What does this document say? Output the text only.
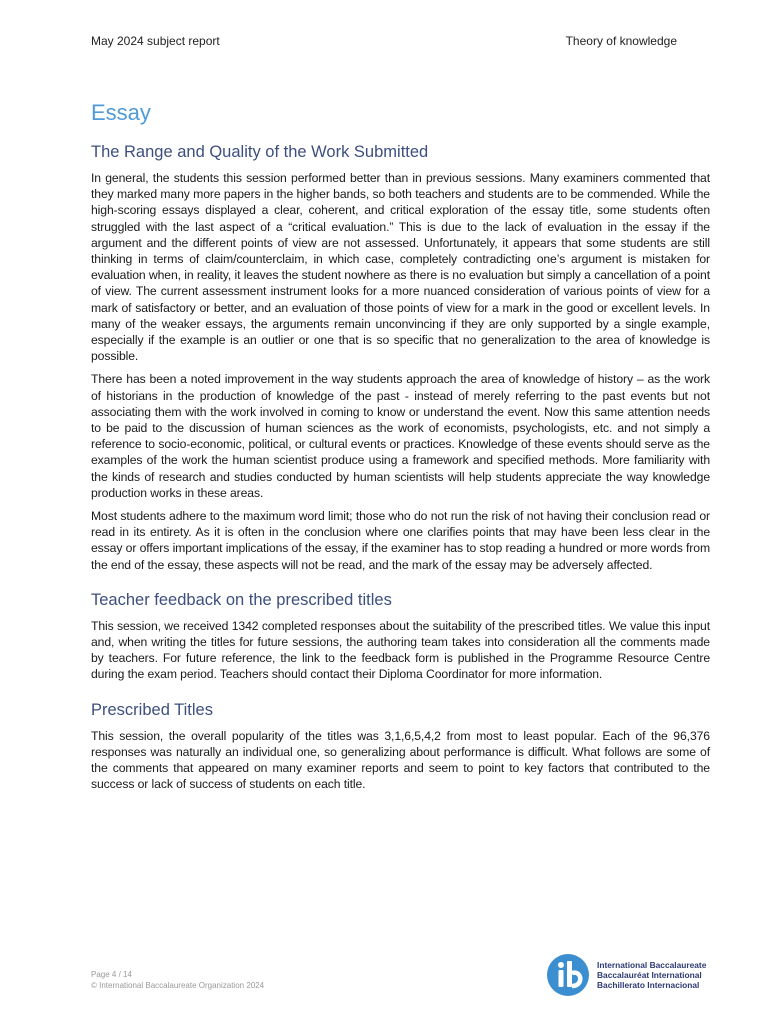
May 2024 subject report	Theory of knowledge
Essay
The Range and Quality of the Work Submitted

In general, the students this session performed better than in previous sessions. Many examiners commented that they marked many more papers in the higher bands, so both teachers and students are to be commended. While the high-scoring essays displayed a clear, coherent, and critical exploration of the essay title, some students often struggled with the last aspect of a “critical evaluation.” This is due to the lack of evaluation in the essay if the argument and the different points of view are not assessed. Unfortunately, it appears that some students are still thinking in terms of claim/counterclaim, in which case, completely contradicting one’s argument is mistaken for evaluation when, in reality, it leaves the student nowhere as there is no evaluation but simply a cancellation of a point of view. The current assessment instrument looks for a more nuanced consideration of various points of view for a mark of satisfactory or better, and an evaluation of those points of view for a mark in the good or excellent levels. In many of the weaker essays, the arguments remain unconvincing if they are only supported by a single example, especially if the example is an outlier or one that is so specific that no generalization to the area of knowledge is possible.

There has been a noted improvement in the way students approach the area of knowledge of history – as the work of historians in the production of knowledge of the past - instead of merely referring to the past events but not associating them with the work involved in coming to know or understand the event. Now this same attention needs to be paid to the discussion of human sciences as the work of economists, psychologists, etc. and not simply a reference to socio-economic, political, or cultural events or practices. Knowledge of these events should serve as the examples of the work the human scientist produce using a framework and specified methods. More familiarity with the kinds of research and studies conducted by human scientists will help students appreciate the way knowledge production works in these areas.

Most students adhere to the maximum word limit; those who do not run the risk of not having their conclusion read or read in its entirety. As it is often in the conclusion where one clarifies points that may have been less clear in the essay or offers important implications of the essay, if the examiner has to stop reading a hundred or more words from the end of the essay, these aspects will not be read, and the mark of the essay may be adversely affected.

Teacher feedback on the prescribed titles

This session, we received 1342 completed responses about the suitability of the prescribed titles. We value this input and, when writing the titles for future sessions, the authoring team takes into consideration all the comments made by teachers. For future reference, the link to the feedback form is published in the Programme Resource Centre during the exam period. Teachers should contact their Diploma Coordinator for more information.

Prescribed Titles

This session, the overall popularity of the titles was 3,1,6,5,4,2 from most to least popular. Each of the 96,376 responses was naturally an individual one, so generalizing about performance is difficult. What follows are some of the comments that appeared on many examiner reports and seem to point to key factors that contributed to the success or lack of success of students on each title.

Page 4 / 14
© International Baccalaureate Organization 2024
International Baccalaureate
Baccalauréat International
Bachillerato Internacional
